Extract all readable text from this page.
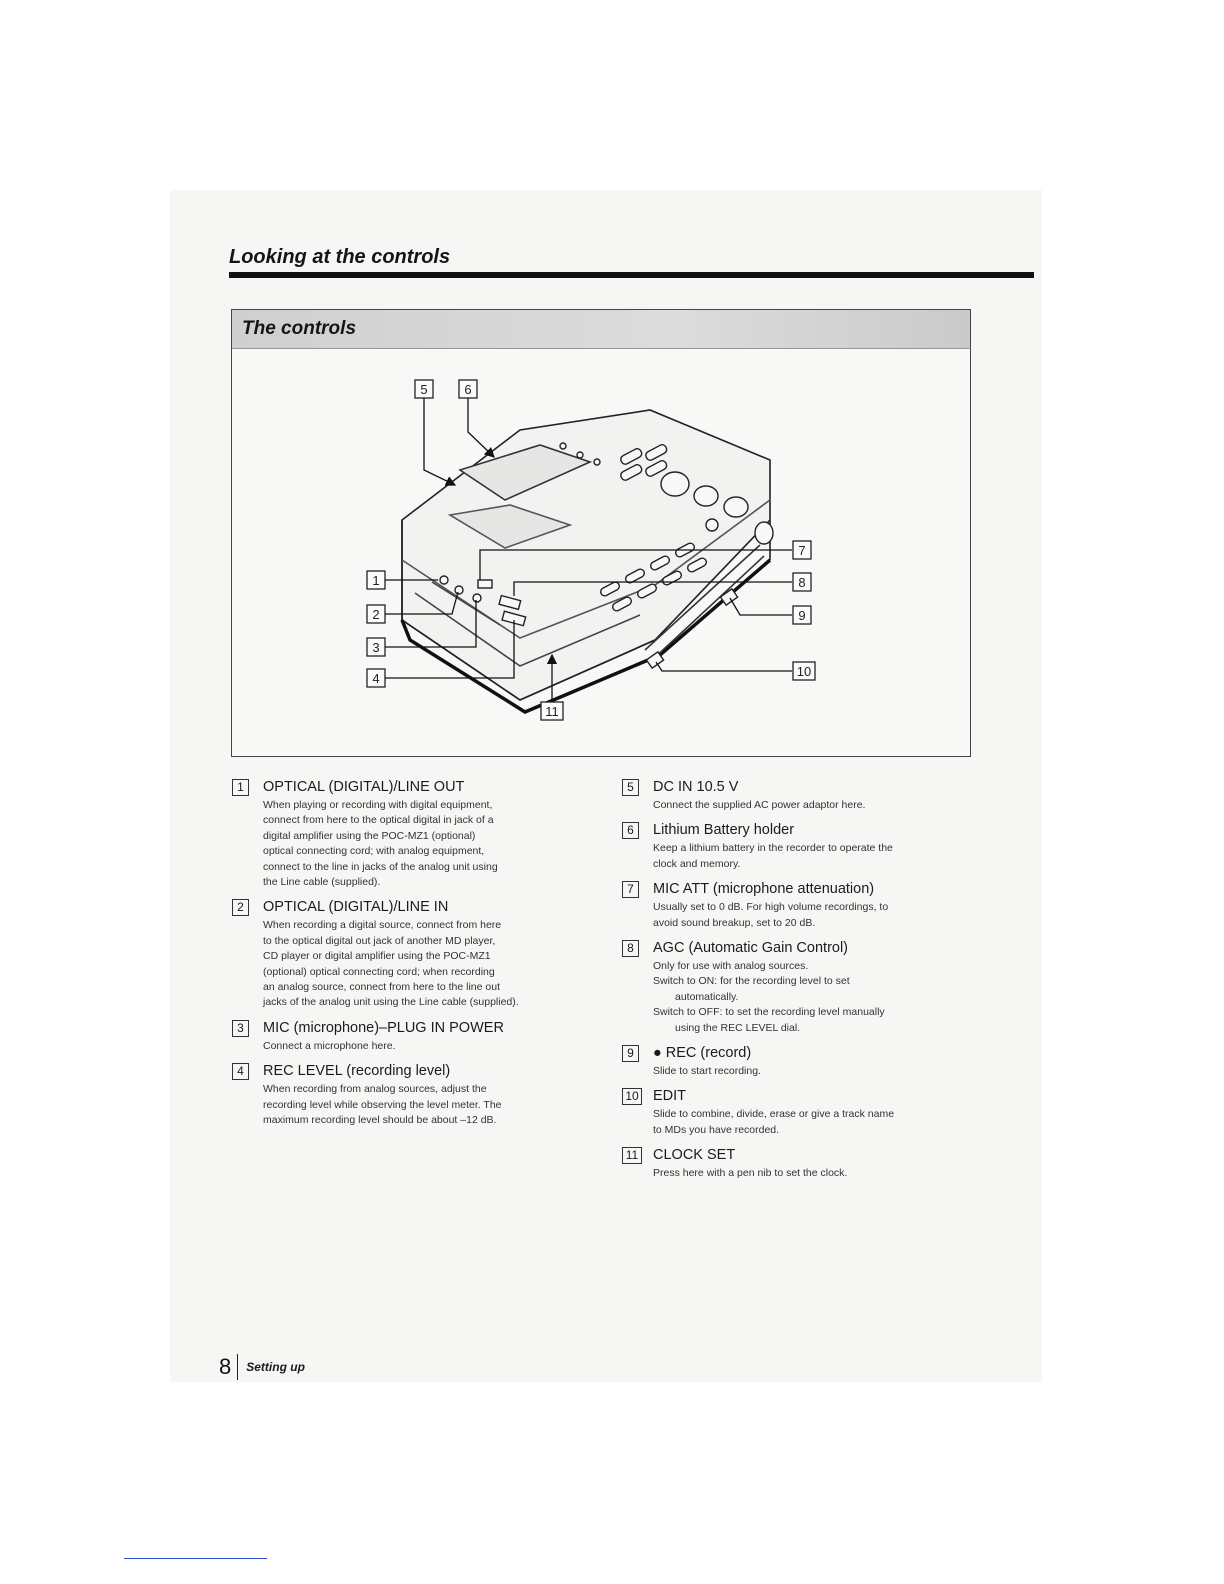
Looking at the controls
The controls
5	6
7
8
9
10
11
1
2
3
4
1	OPTICAL (DIGITAL)/LINE OUT

When playing or recording with digital equipment,

connect from here to the optical digital in jack of a

digital amplifier using the POC-MZ1 (optional)

optical connecting cord; with analog equipment,

connect to the line in jacks of the analog unit using

the Line cable (supplied).

2	OPTICAL (DIGITAL)/LINE IN

When recording a digital source, connect from here

to the optical digital out jack of another MD player,

CD player or digital amplifier using the POC-MZ1

(optional) optical connecting cord; when recording

an analog source, connect from here to the line out

jacks of the analog unit using the Line cable (supplied).

3	MIC (microphone)–PLUG IN POWER

Connect a microphone here.

4	REC LEVEL (recording level)

When recording from analog sources, adjust the

recording level while observing the level meter. The

maximum recording level should be about –12 dB.

5	DC IN 10.5 V

Connect the supplied AC power adaptor here.

6	Lithium Battery holder

Keep a lithium battery in the recorder to operate the

clock and memory.

7	MIC ATT (microphone attenuation)

Usually set to 0 dB. For high volume recordings, to

avoid sound breakup, set to 20 dB.

8	AGC (Automatic Gain Control)

Only for use with analog sources.

Switch to ON: for the recording level to set

automatically.

Switch to OFF: to set the recording level manually

using the REC LEVEL dial.

9	● REC (record)

Slide to start recording.

10 EDIT

Slide to combine, divide, erase or give a track name

to MDs you have recorded.

11 CLOCK SET

Press here with a pen nib to set the clock.

8	Setting up
